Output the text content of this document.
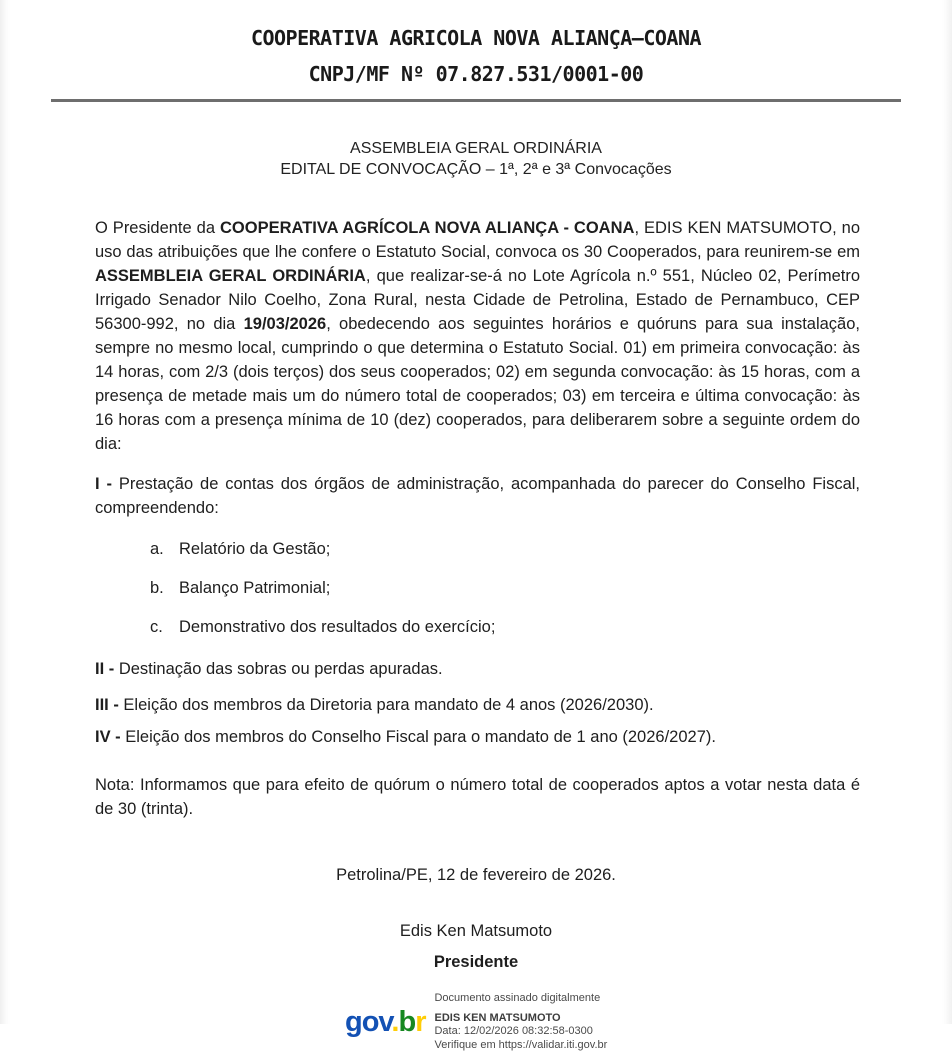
COOPERATIVA AGRICOLA NOVA ALIANÇA–COANA
CNPJ/MF Nº 07.827.531/0001-00
ASSEMBLEIA GERAL ORDINÁRIA
EDITAL DE CONVOCAÇÃO – 1ª, 2ª e 3ª Convocações

O Presidente da COOPERATIVA AGRÍCOLA NOVA ALIANÇA - COANA, EDIS KEN MATSUMOTO, no uso das atribuições que lhe confere o Estatuto Social, convoca os 30 Cooperados, para reunirem-se em ASSEMBLEIA GERAL ORDINÁRIA, que realizar-se-á no Lote Agrícola n.º 551, Núcleo 02, Perímetro Irrigado Senador Nilo Coelho, Zona Rural, nesta Cidade de Petrolina, Estado de Pernambuco, CEP 56300-992, no dia 19/03/2026, obedecendo aos seguintes horários e quóruns para sua instalação, sempre no mesmo local, cumprindo o que determina o Estatuto Social. 01) em primeira convocação: às 14 horas, com 2/3 (dois terços) dos seus cooperados; 02) em segunda convocação: às 15 horas, com a presença de metade mais um do número total de cooperados; 03) em terceira e última convocação: às 16 horas com a presença mínima de 10 (dez) cooperados, para deliberarem sobre a seguinte ordem do dia:

I - Prestação de contas dos órgãos de administração, acompanhada do parecer do Conselho Fiscal, compreendendo:

a. Relatório da Gestão;
b. Balanço Patrimonial;
c. Demonstrativo dos resultados do exercício;

II - Destinação das sobras ou perdas apuradas.

III - Eleição dos membros da Diretoria para mandato de 4 anos (2026/2030).

IV - Eleição dos membros do Conselho Fiscal para o mandato de 1 ano (2026/2027).

Nota: Informamos que para efeito de quórum o número total de cooperados aptos a votar nesta data é de 30 (trinta).

Petrolina/PE, 12 de fevereiro de 2026.

Edis Ken Matsumoto

Presidente

gov.br
Documento assinado digitalmente
EDIS KEN MATSUMOTO
Data: 12/02/2026 08:32:58-0300
Verifique em https://validar.iti.gov.br
